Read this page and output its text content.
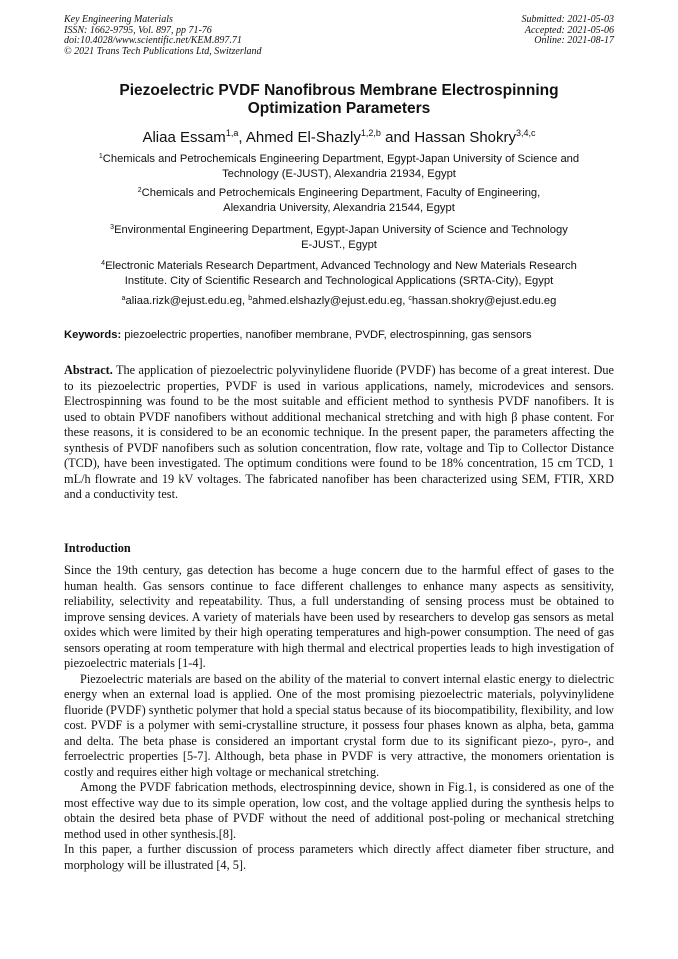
Key Engineering Materials
ISSN: 1662-9795, Vol. 897, pp 71-76
doi:10.4028/www.scientific.net/KEM.897.71
© 2021 Trans Tech Publications Ltd, Switzerland
Submitted: 2021-05-03
Accepted: 2021-05-06
Online: 2021-08-17
Piezoelectric PVDF Nanofibrous Membrane Electrospinning
Optimization Parameters
Aliaa Essam$^{1,a}$, Ahmed El-Shazly$^{1,2,b}$ and Hassan Shokry$^{3,4,c}$
$^1$Chemicals and Petrochemicals Engineering Department, Egypt-Japan University of Science and
Technology (E-JUST), Alexandria 21934, Egypt
$^2$Chemicals and Petrochemicals Engineering Department, Faculty of Engineering,
Alexandria University, Alexandria 21544, Egypt
$^3$Environmental Engineering Department, Egypt-Japan University of Science and Technology
E-JUST., Egypt
$^4$Electronic Materials Research Department, Advanced Technology and New Materials Research
Institute. City of Scientific Research and Technological Applications (SRTA-City), Egypt
$^a$aliaa.rizk@ejust.edu.eg, $^b$ahmed.elshazly@ejust.edu.eg, $^c$hassan.shokry@ejust.edu.eg
Keywords: piezoelectric properties, nanofiber membrane, PVDF, electrospinning, gas sensors
Abstract. The application of piezoelectric polyvinylidene fluoride (PVDF) has become of a great interest. Due to its piezoelectric properties, PVDF is used in various applications, namely, microdevices and sensors. Electrospinning was found to be the most suitable and efficient method to synthesis PVDF nanofibers. It is used to obtain PVDF nanofibers without additional mechanical stretching and with high β phase content. For these reasons, it is considered to be an economic technique. In the present paper, the parameters affecting the synthesis of PVDF nanofibers such as solution concentration, flow rate, voltage and Tip to Collector Distance (TCD), have been investigated. The optimum conditions were found to be 18% concentration, 15 cm TCD, 1 mL/h flowrate and 19 kV voltages. The fabricated nanofiber has been characterized using SEM, FTIR, XRD and a conductivity test.
Introduction

Since the 19th century, gas detection has become a huge concern due to the harmful effect of gases to the human health. Gas sensors continue to face different challenges to enhance many aspects as sensitivity, reliability, selectivity and repeatability. Thus, a full understanding of sensing process must be obtained to improve sensing devices. A variety of materials have been used by researchers to develop gas sensors as metal oxides which were limited by their high operating temperatures and high-power consumption. The need of gas sensors operating at room temperature with high thermal and electrical properties leads to high investigation of piezoelectric materials [1-4].

Piezoelectric materials are based on the ability of the material to convert internal elastic energy to dielectric energy when an external load is applied. One of the most promising piezoelectric materials, polyvinylidene fluoride (PVDF) synthetic polymer that hold a special status because of its biocompatibility, flexibility, and low cost. PVDF is a polymer with semi-crystalline structure, it possess four phases known as alpha, beta, gamma and delta. The beta phase is considered an important crystal form due to its significant piezo-, pyro-, and ferroelectric properties [5-7]. Although, beta phase in PVDF is very attractive, the monomers orientation is costly and requires either high voltage or mechanical stretching.

Among the PVDF fabrication methods, electrospinning device, shown in Fig.1, is considered as one of the most effective way due to its simple operation, low cost, and the voltage applied during the synthesis helps to obtain the desired beta phase of PVDF without the need of additional post-poling or mechanical stretching method used in other synthesis.[8].

In this paper, a further discussion of process parameters which directly affect diameter fiber structure, and morphology will be illustrated [4, 5].
